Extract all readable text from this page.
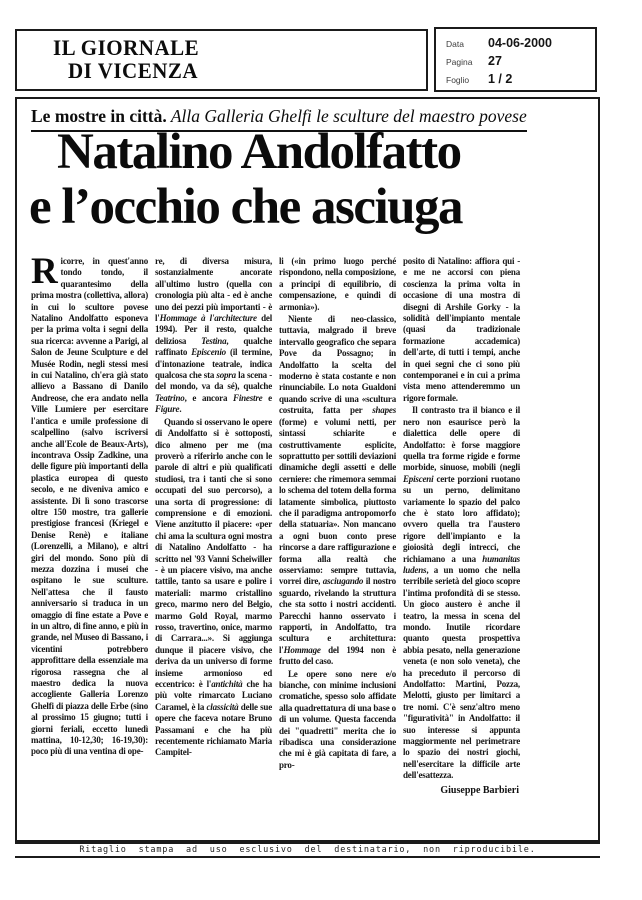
IL GIORNALE
DI VICENZA
Data	04-06-2000
Pagina	27
Foglio	1 / 2
Le mostre in città. Alla Galleria Ghelfi le sculture del maestro povese
Natalino Andolfatto
e l’occhio che asciuga

Ricorre, in quest'anno tondo tondo, il quarantesimo della prima mostra (collettiva, allora) in cui lo scultore povese Natalino Andolfatto esponeva per la prima volta i segni della sua ricerca: avvenne a Parigi, al Salon de Jeune Sculpture e del Musée Rodin, negli stessi mesi in cui Natalino, ch'era già stato allievo a Bassano di Danilo Andreose, che era andato nella Ville Lumiere per esercitare l'antica e umile professione di scalpellino (salvo iscriversi anche all'Ecole de Beaux-Arts), incontrava Ossip Zadkine, una delle figure più importanti della plastica europea di questo secolo, e ne diveniva amico e assistente. Di lì sono trascorse oltre 150 mostre, tra gallerie prestigiose francesi (Kriegel e Denise Renè) e italiane (Lorenzelli, a Milano), e altri giri del mondo. Sono più di mezza dozzina i musei che ospitano le sue sculture. Nell'attesa che il fausto anniversario si traduca in un omaggio di fine estate a Pove e in un altro, di fine anno, e più in grande, nel Museo di Bassano, i vicentini potrebbero approfittare della essenziale ma rigorosa rassegna che al maestro dedica la nuova accogliente Galleria Lorenzo Ghelfi di piazza delle Erbe (sino al prossimo 15 giugno; tutti i giorni feriali, eccetto lunedì mattina, 10-12,30; 16-19,30): poco più di una ventina di ope-

re, di diversa misura, sostanzialmente ancorate all'ultimo lustro (quella con cronologia più alta - ed è anche uno dei pezzi più importanti - è l'Hommage à l'architecture del 1994). Per il resto, qualche deliziosa Testina, qualche raffinato Episcenio (il termine, d'intonazione teatrale, indica qualcosa che sta sopra la scena - del mondo, va da sé), qualche Teatrino, e ancora Finestre e Figure.

Quando si osservano le opere di Andolfatto si è sottoposti, dico almeno per me (ma proverò a riferirlo anche con le parole di altri e più qualificati studiosi, tra i tanti che si sono occupati del suo percorso), a una sorta di progressione: di comprensione e di emozioni. Viene anzitutto il piacere: «per chi ama la scultura ogni mostra di Natalino Andolfatto - ha scritto nel '93 Vanni Scheiwiller - è un piacere visivo, ma anche tattile, tanto sa usare e polire i materiali: marmo cristallino greco, marmo nero del Belgio, marmo Gold Royal, marmo rosso, travertino, onice, marmo di Carrara...». Si aggiunga dunque il piacere visivo, che deriva da un universo di forme insieme armonioso ed eccentrico: è l'antichità che ha più volte rimarcato Luciano Caramel, è la classicità delle sue opere che faceva notare Bruno Passamani e che ha più recentemente richiamato Maria Campitel-

li («in primo luogo perché rispondono, nella composizione, a principi di equilibrio, di compensazione, e quindi di armonia»).

Niente di neo-classico, tuttavia, malgrado il breve intervallo geografico che separa Pove da Possagno; in Andolfatto la scelta del moderno è stata costante e non rinunciabile. Lo nota Gualdoni quando scrive di una «scultura costruita, fatta per shapes (forme) e volumi netti, per sintassi schiarite e costruttivamente esplicite, soprattutto per sottili deviazioni dinamiche degli assetti e delle cerniere: che rimemora semmai lo schema del totem della forma latamente simbolica, piuttosto che il paradigma antropomorfo della statuaria». Non mancano a ogni buon conto prese rincorse a dare raffigurazione e forma alla realtà che osserviamo: sempre tuttavia, vorrei dire, asciugando il nostro sguardo, rivelando la struttura che sta sotto i nostri accidenti. Parecchi hanno osservato i rapporti, in Andolfatto, tra scultura e architettura: l'Hommage del 1994 non è frutto del caso.

Le opere sono nere e/o bianche, con minime inclusioni cromatiche, spesso solo affidate alla quadrettatura di una base o di un volume. Questa faccenda dei "quadretti" merita che io ribadisca una considerazione che mi è già capitata di fare, a pro-

posito di Natalino: affiora qui - e me ne accorsi con piena coscienza la prima volta in occasione di una mostra di disegni di Arshile Gorky - la solidità dell'impianto mentale (quasi da tradizionale formazione accademica) dell'arte, di tutti i tempi, anche in quei segni che ci sono più contemporanei e in cui a prima vista meno attenderemmo un rigore formale.

Il contrasto tra il bianco e il nero non esaurisce però la dialettica delle opere di Andolfatto: è forse maggiore quella tra forme rigide e forme morbide, sinuose, mobili (negli Episceni certe porzioni ruotano su un perno, delimitano variamente lo spazio del palco che è stato loro affidato); ovvero quella tra l'austero rigore dell'impianto e la gioiosità degli intrecci, che richiamano a una humanitas ludens, a un uomo che nella terribile serietà del gioco scopre l'intima profondità di se stesso. Un gioco austero è anche il teatro, la messa in scena del mondo. Inutile ricordare quanto questa prospettiva abbia pesato, nella generazione veneta (e non solo veneta), che ha preceduto il percorso di Andolfatto: Martini, Pozza, Melotti, giusto per limitarci a tre nomi. C'è senz'altro meno "figuratività" in Andolfatto: il suo interesse si appunta maggiormente nel perimetrare lo spazio dei nostri giochi, nell'esercitare la difficile arte dell'esattezza.

Giuseppe Barbieri
Ritaglio stampa ad uso esclusivo del destinatario, non riproducibile.
